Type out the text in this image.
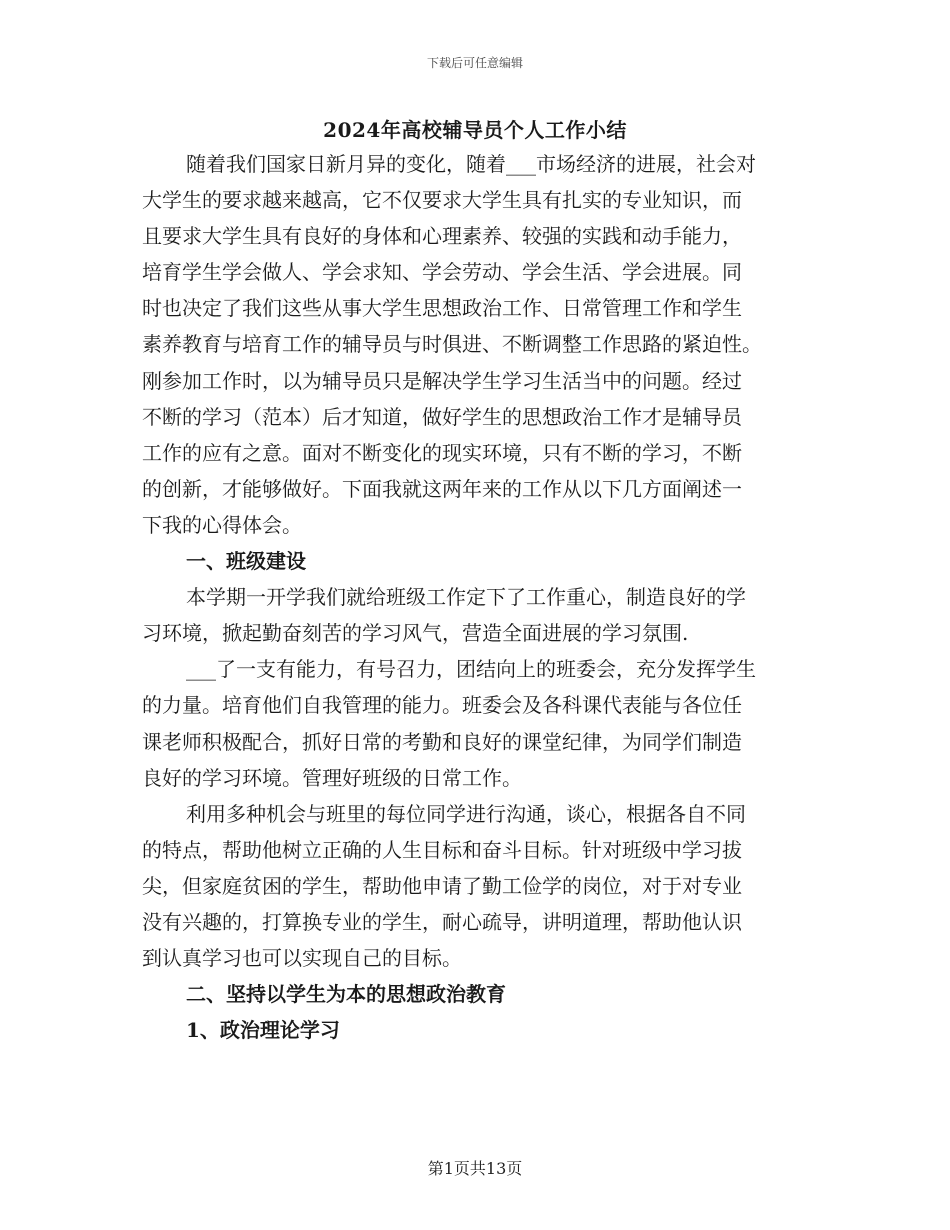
下载后可任意编辑
2024年高校辅导员个人工作小结
随着我们国家日新月异的变化，随着___市场经济的进展，社会对
大学生的要求越来越高，它不仅要求大学生具有扎实的专业知识，而
且要求大学生具有良好的身体和心理素养、较强的实践和动手能力，
培育学生学会做人、学会求知、学会劳动、学会生活、学会进展。同
时也决定了我们这些从事大学生思想政治工作、日常管理工作和学生
素养教育与培育工作的辅导员与时俱进、不断调整工作思路的紧迫性。
刚参加工作时，以为辅导员只是解决学生学习生活当中的问题。经过
不断的学习（范本）后才知道，做好学生的思想政治工作才是辅导员
工作的应有之意。面对不断变化的现实环境，只有不断的学习，不断
的创新，才能够做好。下面我就这两年来的工作从以下几方面阐述一
下我的心得体会。
一、班级建设
本学期一开学我们就给班级工作定下了工作重心，制造良好的学
习环境，掀起勤奋刻苦的学习风气，营造全面进展的学习氛围.
___了一支有能力，有号召力，团结向上的班委会，充分发挥学生
的力量。培育他们自我管理的能力。班委会及各科课代表能与各位任
课老师积极配合，抓好日常的考勤和良好的课堂纪律，为同学们制造
良好的学习环境。管理好班级的日常工作。
利用多种机会与班里的每位同学进行沟通，谈心，根据各自不同
的特点，帮助他树立正确的人生目标和奋斗目标。针对班级中学习拔
尖，但家庭贫困的学生，帮助他申请了勤工俭学的岗位，对于对专业
没有兴趣的，打算换专业的学生，耐心疏导，讲明道理，帮助他认识
到认真学习也可以实现自己的目标。
二、坚持以学生为本的思想政治教育
1、政治理论学习
第1页共13页
